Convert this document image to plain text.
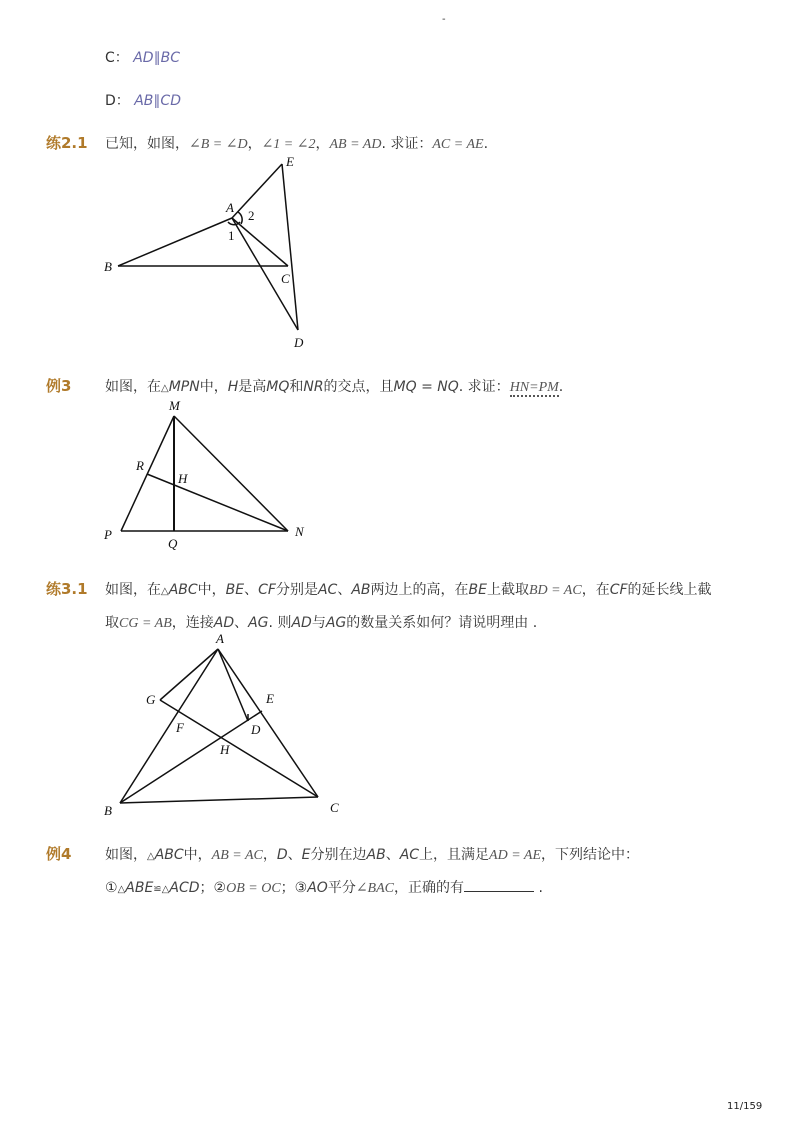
-
C： AD∥BC
D： AB∥CD
练2.1 已知，如图，∠B = ∠D，∠1 = ∠2，AB = AD. 求证：AC = AE.
A
B
C
D
E
1
2
例3 如图，在△MPN中，H是高MQ和NR的交点，且MQ = NQ. 求证：HN=PM.
M
R
H
P
Q
N
练3.1 如图，在△ABC中，BE、CF分别是AC、AB两边上的高，在BE上截取BD = AC，在CF的延长线上截
取CG = AB，连接AD、AG. 则AD与AG的数量关系如何？请说明理由 .
A
G	E
F	D
H
B	C
例4 如图，△ABC中，AB = AC，D、E分别在边AB、AC上，且满足AD = AE，下列结论中：
①△ABE≌△ACD；②OB = OC；③AO平分∠BAC，正确的有	.
11/159
